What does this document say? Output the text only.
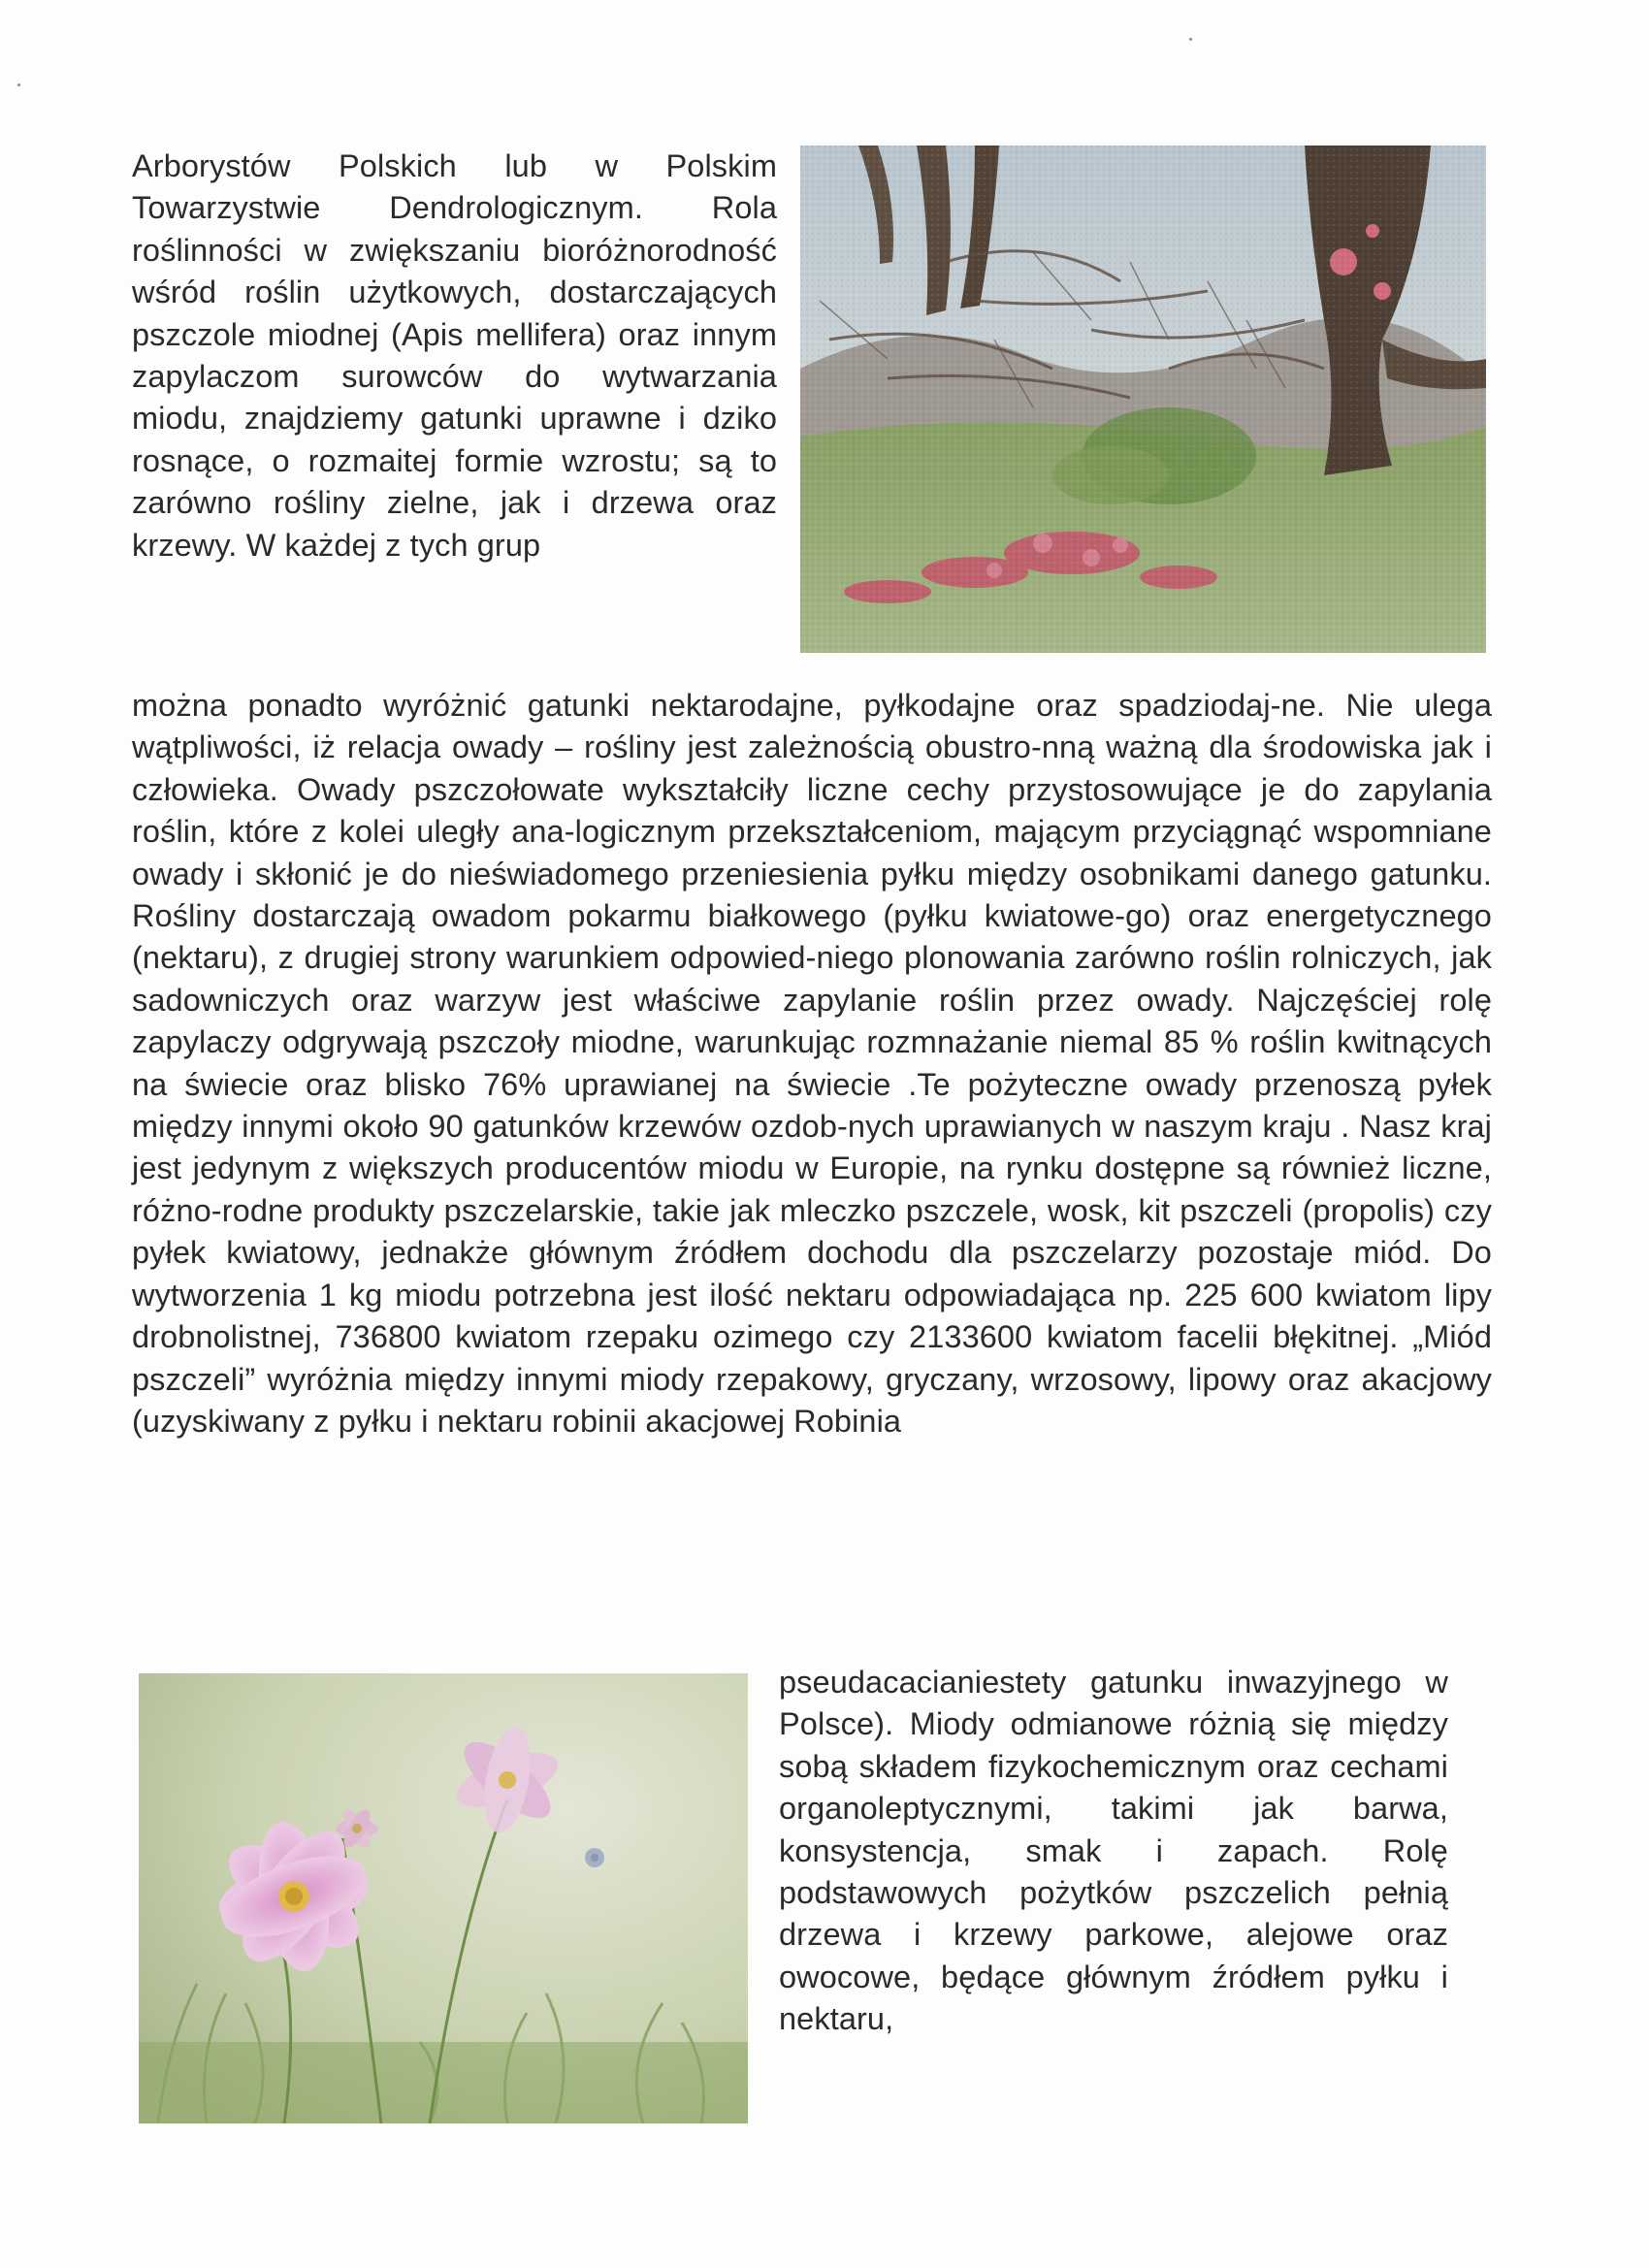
Arborystów Polskich lub w Polskim Towarzystwie Dendrologicznym. Rola roślinności w zwiększaniu bioróżnorodność wśród roślin użytkowych, dostarczających pszczole miodnej (Apis mellifera) oraz innym zapylaczom surowców do wytwarzania miodu, znajdziemy gatunki uprawne i dziko rosnące, o rozmaitej formie wzrostu; są to zarówno rośliny zielne, jak i drzewa oraz krzewy. W każdej z tych grup

można ponadto wyróżnić gatunki nektarodajne, pyłkodajne oraz spadziodaj-ne. Nie ulega wątpliwości, iż relacja owady – rośliny jest zależnością obustro-nną ważną dla środowiska jak i człowieka. Owady pszczołowate wykształciły liczne cechy przystosowujące je do zapylania roślin, które z kolei uległy ana-logicznym przekształceniom, mającym przyciągnąć wspomniane owady i skłonić je do nieświadomego przeniesienia pyłku między osobnikami danego gatunku. Rośliny dostarczają owadom pokarmu białkowego (pyłku kwiatowe-go) oraz energetycznego (nektaru), z drugiej strony warunkiem odpowied-niego plonowania zarówno roślin rolniczych, jak sadowniczych oraz warzyw jest właściwe zapylanie roślin przez owady. Najczęściej rolę zapylaczy odgrywają pszczoły miodne, warunkując rozmnażanie niemal 85 % roślin kwitnących na świecie oraz blisko 76% uprawianej na świecie .Te pożyteczne owady przenoszą pyłek między innymi około 90 gatunków krzewów ozdob-nych uprawianych w naszym kraju . Nasz kraj jest jedynym z większych producentów miodu w Europie, na rynku dostępne są również liczne, różno-rodne produkty pszczelarskie, takie jak mleczko pszczele, wosk, kit pszczeli (propolis) czy pyłek kwiatowy, jednakże głównym źródłem dochodu dla pszczelarzy pozostaje miód. Do wytworzenia 1 kg miodu potrzebna jest ilość nektaru odpowiadająca np. 225 600 kwiatom lipy drobnolistnej, 736800 kwiatom rzepaku ozimego czy 2133600 kwiatom facelii błękitnej. „Miód pszczeli” wyróżnia między innymi miody rzepakowy, gryczany, wrzosowy, lipowy oraz akacjowy (uzyskiwany z pyłku i nektaru robinii akacjowej Robinia

pseudacacianiestety gatunku inwazyjnego w Polsce). Miody odmianowe różnią się między sobą składem fizykochemicznym oraz cechami organoleptycznymi, takimi jak barwa, konsystencja, smak i zapach. Rolę podstawowych pożytków pszczelich pełnią drzewa i krzewy parkowe, alejowe oraz owocowe, będące głównym źródłem pyłku i nektaru,
